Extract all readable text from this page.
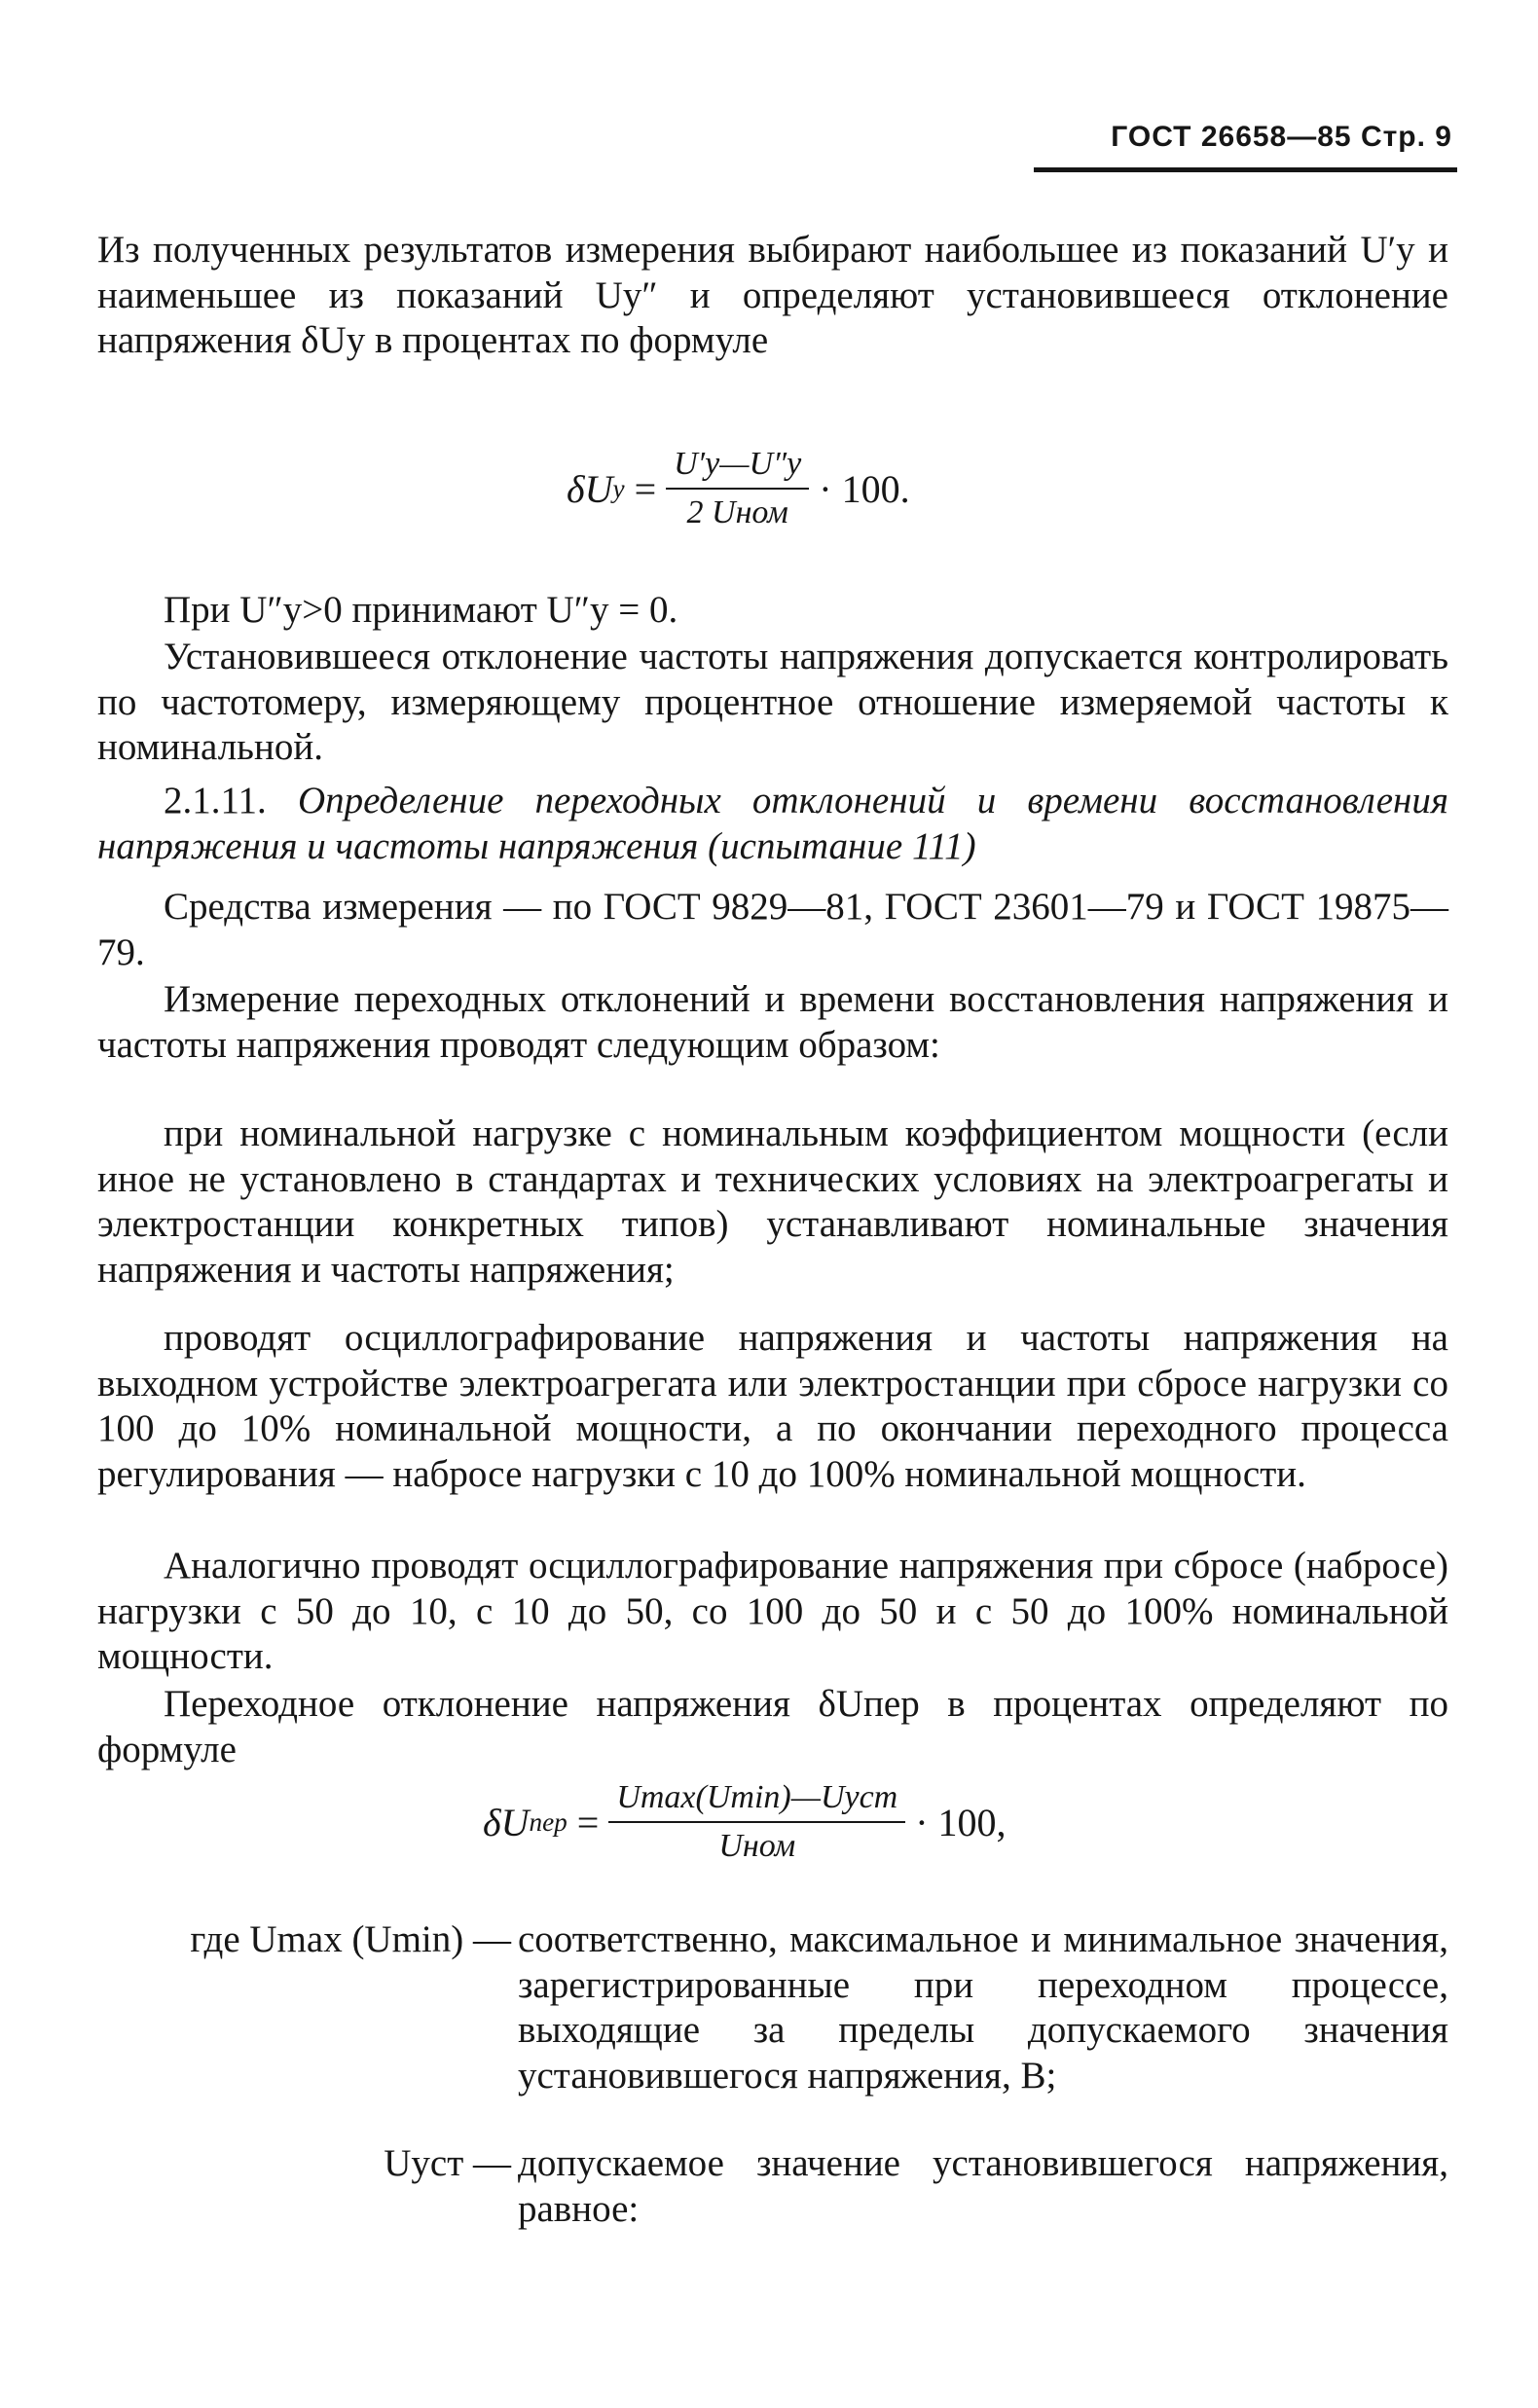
ГОСТ 26658—85 Стр. 9
Из полученных результатов измерения выбирают наибольшее из показаний U′у и наименьшее из показаний Uу″ и определяют установившееся отклонение напряжения δUу в процентах по формуле
δU $у = \frac{U'у—U''у}{\text{2 Uном}} \cdot 100$.
При U″у>0 принимают U″у = 0.
Установившееся отклонение частоты напряжения допускается контролировать по частотомеру, измеряющему процентное отношение измеряемой частоты к номинальной.
2.1.11. Определение переходных отклонений и времени восстановления напряжения и частоты напряжения (испытание 111)
Средства измерения — по ГОСТ 9829—81, ГОСТ 23601—79 и ГОСТ 19875—79.
Измерение переходных отклонений и времени восстановления напряжения и частоты напряжения проводят следующим образом:
при номинальной нагрузке с номинальным коэффициентом мощности (если иное не установлено в стандартах и технических условиях на электроагрегаты и электростанции конкретных типов) устанавливают номинальные значения напряжения и частоты напряжения;
проводят осциллографирование напряжения и частоты напряжения на выходном устройстве электроагрегата или электростанции при сбросе нагрузки со 100 до 10% номинальной мощности, а по окончании переходного процесса регулирования — набросе нагрузки с 10 до 100% номинальной мощности.
Аналогично проводят осциллографирование напряжения при сбросе (набросе) нагрузки с 50 до 10, с 10 до 50, со 100 до 50 и с 50 до 100% номинальной мощности.
Переходное отклонение напряжения δUпер в процентах определяют по формуле
δU пер = $\frac{\text{Umax(Umin)—Uуст}}{\text{Uном}} \cdot 100$,
где Umax (Umin) — соответственно, максимальное и минимальное значения, зарегистрированные при переходном процессе, выходящие за пределы допускаемого значения установившегося напряжения, В;
Uуст — допускаемое значение установившегося напряжения, равное:
